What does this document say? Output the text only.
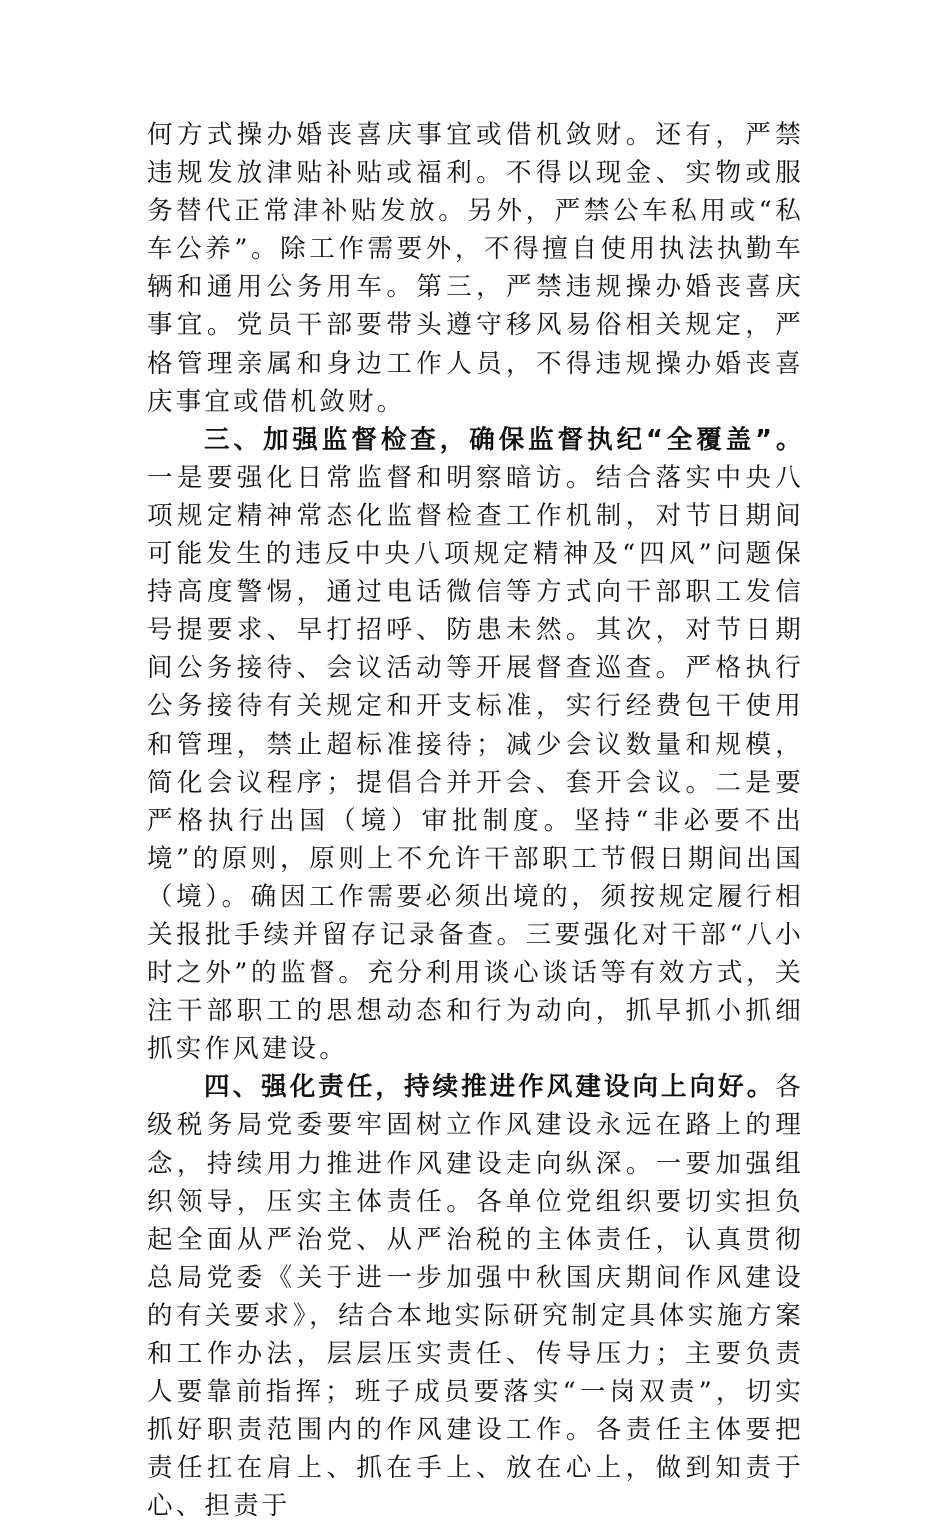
何方式操办婚丧喜庆事宜或借机敛财。还有，严禁违规发放津贴补贴或福利。不得以现金、实物或服务替代正常津补贴发放。另外，严禁公车私用或“私车公养”。除工作需要外，不得擅自使用执法执勤车辆和通用公务用车。第三，严禁违规操办婚丧喜庆事宜。党员干部要带头遵守移风易俗相关规定，严格管理亲属和身边工作人员，不得违规操办婚丧喜庆事宜或借机敛财。

三、加强监督检查，确保监督执纪“全覆盖”。一是要强化日常监督和明察暗访。结合落实中央八项规定精神常态化监督检查工作机制，对节日期间可能发生的违反中央八项规定精神及“四风”问题保持高度警惕，通过电话微信等方式向干部职工发信号提要求、早打招呼、防患未然。其次，对节日期间公务接待、会议活动等开展督查巡查。严格执行公务接待有关规定和开支标准，实行经费包干使用和管理，禁止超标准接待；减少会议数量和规模，简化会议程序；提倡合并开会、套开会议。二是要严格执行出国（境）审批制度。坚持“非必要不出境”的原则，原则上不允许干部职工节假日期间出国（境）。确因工作需要必须出境的，须按规定履行相关报批手续并留存记录备查。三要强化对干部“八小时之外”的监督。充分利用谈心谈话等有效方式，关注干部职工的思想动态和行为动向，抓早抓小抓细抓实作风建设。

四、强化责任，持续推进作风建设向上向好。各级税务局党委要牢固树立作风建设永远在路上的理念，持续用力推进作风建设走向纵深。一要加强组织领导，压实主体责任。各单位党组织要切实担负起全面从严治党、从严治税的主体责任，认真贯彻总局党委《关于进一步加强中秋国庆期间作风建设的有关要求》，结合本地实际研究制定具体实施方案和工作办法，层层压实责任、传导压力；主要负责人要靠前指挥；班子成员要落实“一岗双责”，切实抓好职责范围内的作风建设工作。各责任主体要把责任扛在肩上、抓在手上、放在心上，做到知责于心、担责于
